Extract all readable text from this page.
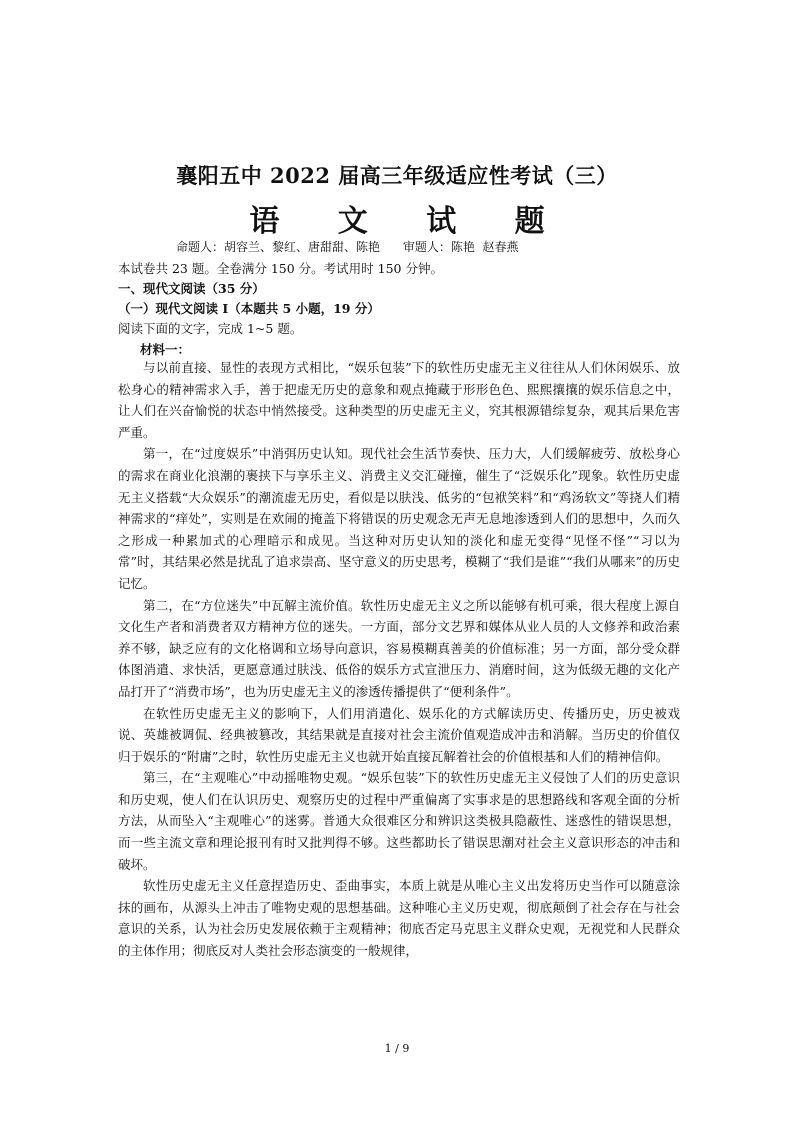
襄阳五中 2022 届高三年级适应性考试（三）
语 文 试 题
命题人：胡容兰、黎红、唐甜甜、陈艳      审题人：陈艳  赵春燕
本试卷共 23 题。全卷满分 150 分。考试用时 150 分钟。
一、现代文阅读（35 分）
（一）现代文阅读 I（本题共 5 小题，19 分）
阅读下面的文字，完成 1~5 题。
材料一：

与以前直接、显性的表现方式相比，“娱乐包装”下的软性历史虚无主义往往从人们休闲娱乐、放松身心的精神需求入手，善于把虚无历史的意象和观点掩藏于形形色色、熙熙攘攘的娱乐信息之中，让人们在兴奋愉悦的状态中悄然接受。这种类型的历史虚无主义，究其根源错综复杂，观其后果危害严重。

第一，在“过度娱乐”中消弭历史认知。现代社会生活节奏快、压力大，人们缓解疲劳、放松身心的需求在商业化浪潮的裹挟下与享乐主义、消费主义交汇碰撞，催生了“泛娱乐化”现象。软性历史虚无主义搭载“大众娱乐”的潮流虚无历史，看似是以肤浅、低劣的“包袱笑料”和“鸡汤软文”等挠人们精神需求的“痒处”，实则是在欢闹的掩盖下将错误的历史观念无声无息地渗透到人们的思想中，久而久之形成一种累加式的心理暗示和成见。当这种对历史认知的淡化和虚无变得“见怪不怪”“习以为常”时，其结果必然是扰乱了追求崇高、坚守意义的历史思考，模糊了“我们是谁”“我们从哪来”的历史记忆。

第二，在“方位迷失”中瓦解主流价值。软性历史虚无主义之所以能够有机可乘，很大程度上源自文化生产者和消费者双方精神方位的迷失。一方面，部分文艺界和媒体从业人员的人文修养和政治素养不够，缺乏应有的文化格调和立场导向意识，容易模糊真善美的价值标准；另一方面，部分受众群体图消遣、求快活，更愿意通过肤浅、低俗的娱乐方式宣泄压力、消磨时间，这为低级无趣的文化产品打开了“消费市场”，也为历史虚无主义的渗透传播提供了“便利条件”。

在软性历史虚无主义的影响下，人们用消遣化、娱乐化的方式解读历史、传播历史，历史被戏说、英雄被调侃、经典被篡改，其结果就是直接对社会主流价值观造成冲击和消解。当历史的价值仅归于娱乐的“附庸”之时，软性历史虚无主义也就开始直接瓦解着社会的价值根基和人们的精神信仰。

第三，在“主观唯心”中动摇唯物史观。“娱乐包装”下的软性历史虚无主义侵蚀了人们的历史意识和历史观，使人们在认识历史、观察历史的过程中严重偏离了实事求是的思想路线和客观全面的分析方法，从而坠入“主观唯心”的迷雾。普通大众很难区分和辨识这类极具隐蔽性、迷惑性的错误思想，而一些主流文章和理论报刊有时又批判得不够。这些都助长了错误思潮对社会主义意识形态的冲击和破坏。

软性历史虚无主义任意捏造历史、歪曲事实，本质上就是从唯心主义出发将历史当作可以随意涂抹的画布，从源头上冲击了唯物史观的思想基础。这种唯心主义历史观，彻底颠倒了社会存在与社会意识的关系，认为社会历史发展依赖于主观精神；彻底否定马克思主义群众史观，无视党和人民群众的主体作用；彻底反对人类社会形态演变的一般规律，

1 / 9
